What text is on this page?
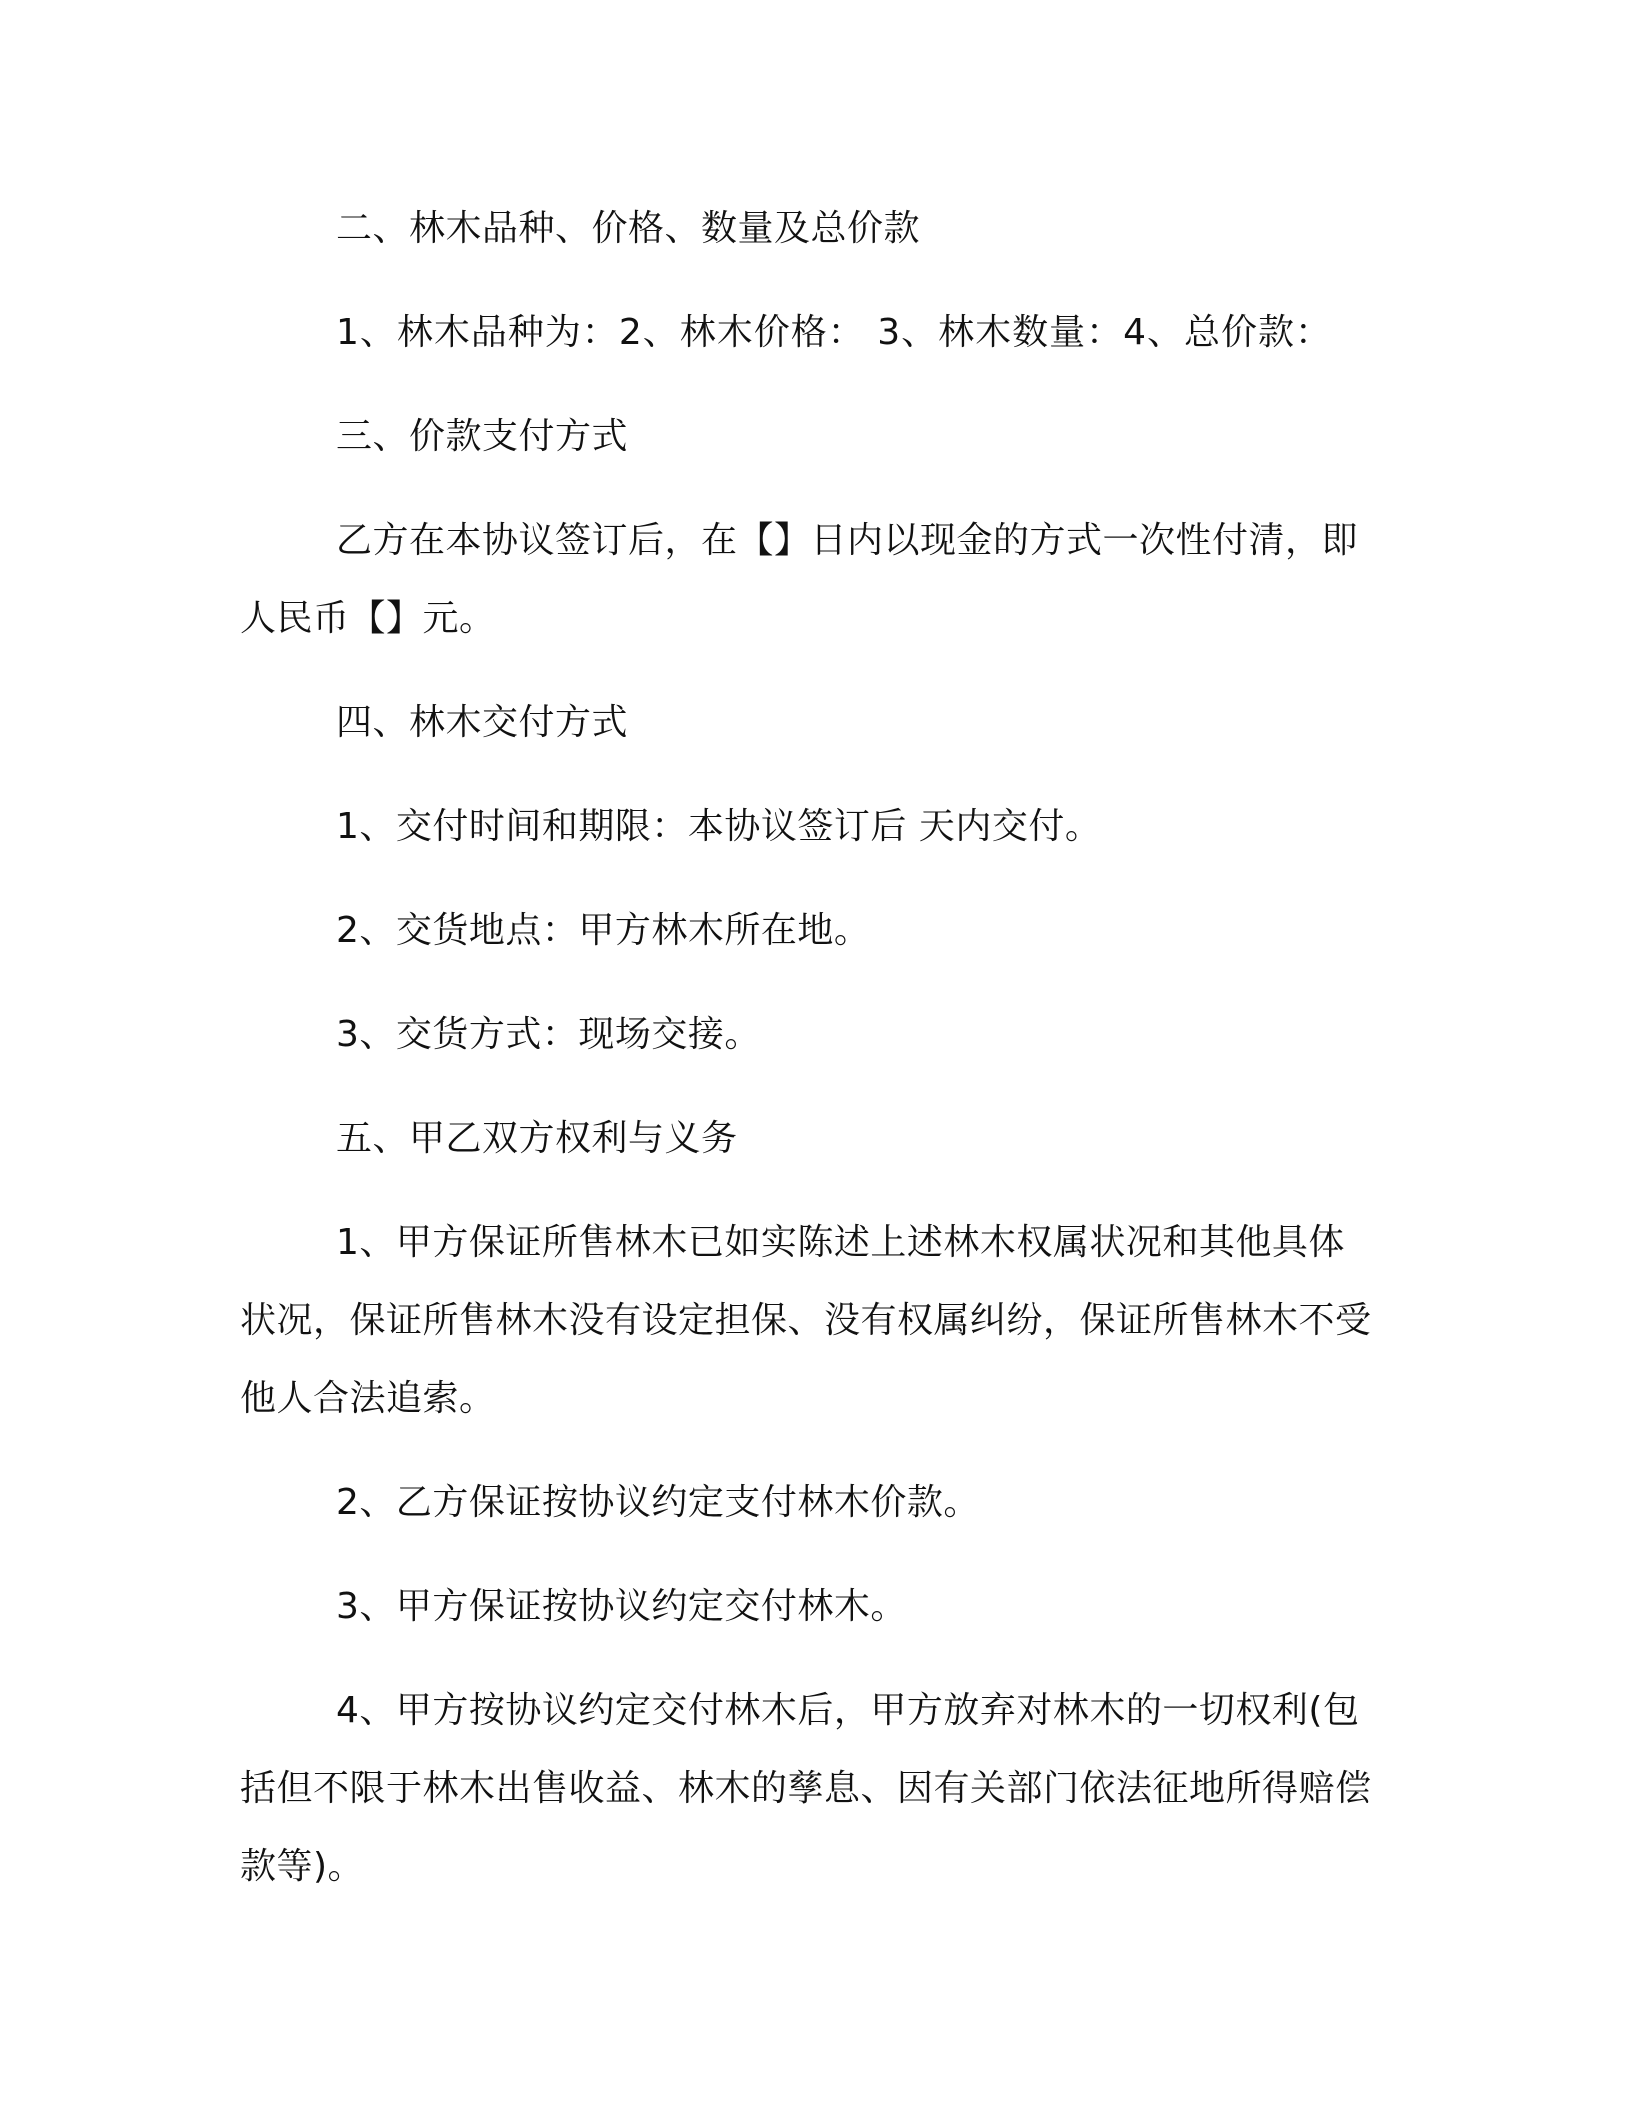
二、林木品种、价格、数量及总价款

1、林木品种为：2、林木价格： 3、林木数量：4、总价款：

三、价款支付方式

乙方在本协议签订后，在【】日内以现金的方式一次性付清，即人民币【】元。

四、林木交付方式

1、交付时间和期限：本协议签订后 天内交付。

2、交货地点：甲方林木所在地。

3、交货方式：现场交接。

五、甲乙双方权利与义务

1、甲方保证所售林木已如实陈述上述林木权属状况和其他具体状况，保证所售林木没有设定担保、没有权属纠纷，保证所售林木不受他人合法追索。

2、乙方保证按协议约定支付林木价款。

3、甲方保证按协议约定交付林木。

4、甲方按协议约定交付林木后，甲方放弃对林木的一切权利(包括但不限于林木出售收益、林木的孳息、因有关部门依法征地所得赔偿款等)。
